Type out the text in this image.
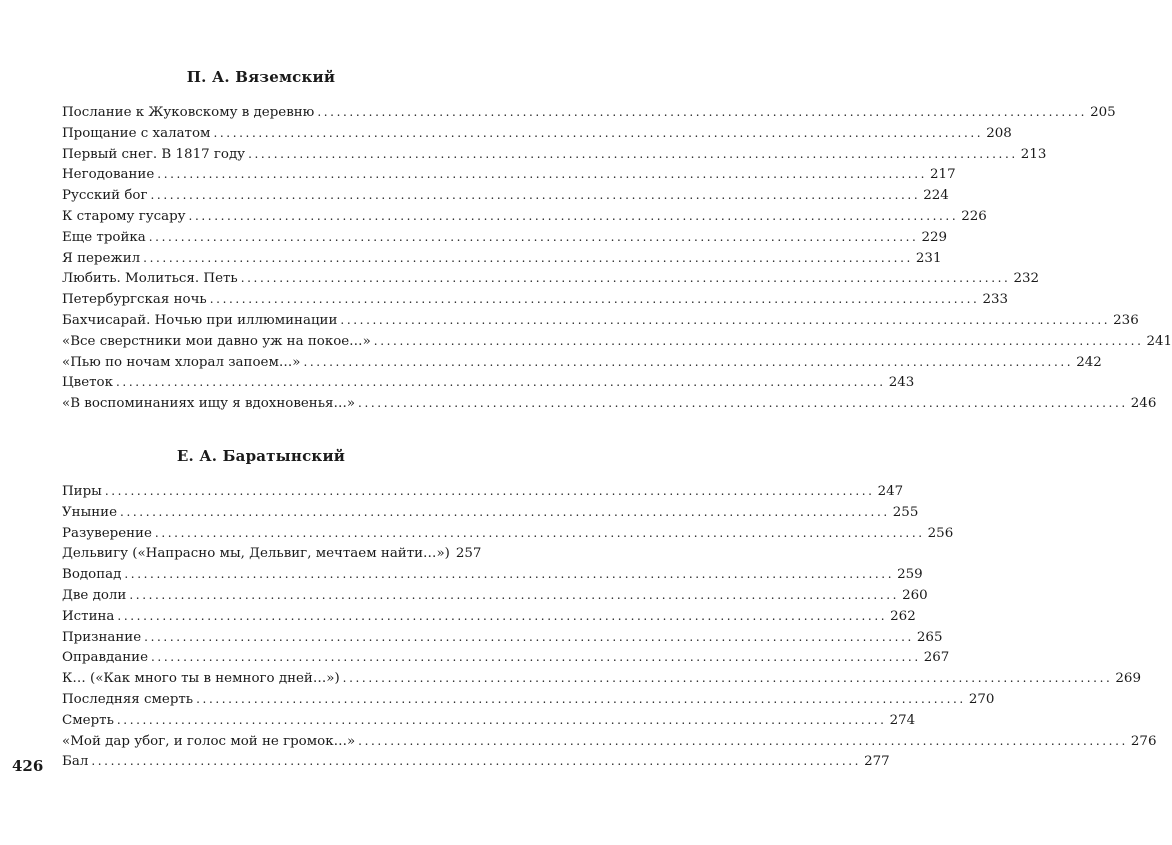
П. А. Вяземский
Послание к Жуковскому в деревню ........................................................................................................................ 205
Прощание с халатом ........................................................................................................................ 208
Первый снег. В 1817 году ........................................................................................................................ 213
Негодование ........................................................................................................................ 217
Русский бог ........................................................................................................................ 224
К старому гусару ........................................................................................................................ 226
Еще тройка ........................................................................................................................ 229
Я пережил ........................................................................................................................ 231
Любить. Молиться. Петь ........................................................................................................................ 232
Петербургская ночь ........................................................................................................................ 233
Бахчисарай. Ночью при иллюминации ........................................................................................................................ 236
«Все сверстники мои давно уж на покое…» ........................................................................................................................ 241
«Пью по ночам хлорал запоем…» ........................................................................................................................ 242
Цветок ........................................................................................................................ 243
«В воспоминаниях ищу я вдохновенья…» ........................................................................................................................ 246
Е. А. Баратынский
Пиры ........................................................................................................................ 247
Уныние ........................................................................................................................ 255
Разуверение ........................................................................................................................ 256
Дельвигу («Напрасно мы, Дельвиг, мечтаем найти…») 257
Водопад ........................................................................................................................ 259
Две доли ........................................................................................................................ 260
Истина ........................................................................................................................ 262
Признание ........................................................................................................................ 265
Оправдание ........................................................................................................................ 267
К… («Как много ты в немного дней…») ........................................................................................................................ 269
Последняя смерть ........................................................................................................................ 270
Смерть ........................................................................................................................ 274
«Мой дар убог, и голос мой не громок…» ........................................................................................................................ 276
Бал ........................................................................................................................ 277
426
